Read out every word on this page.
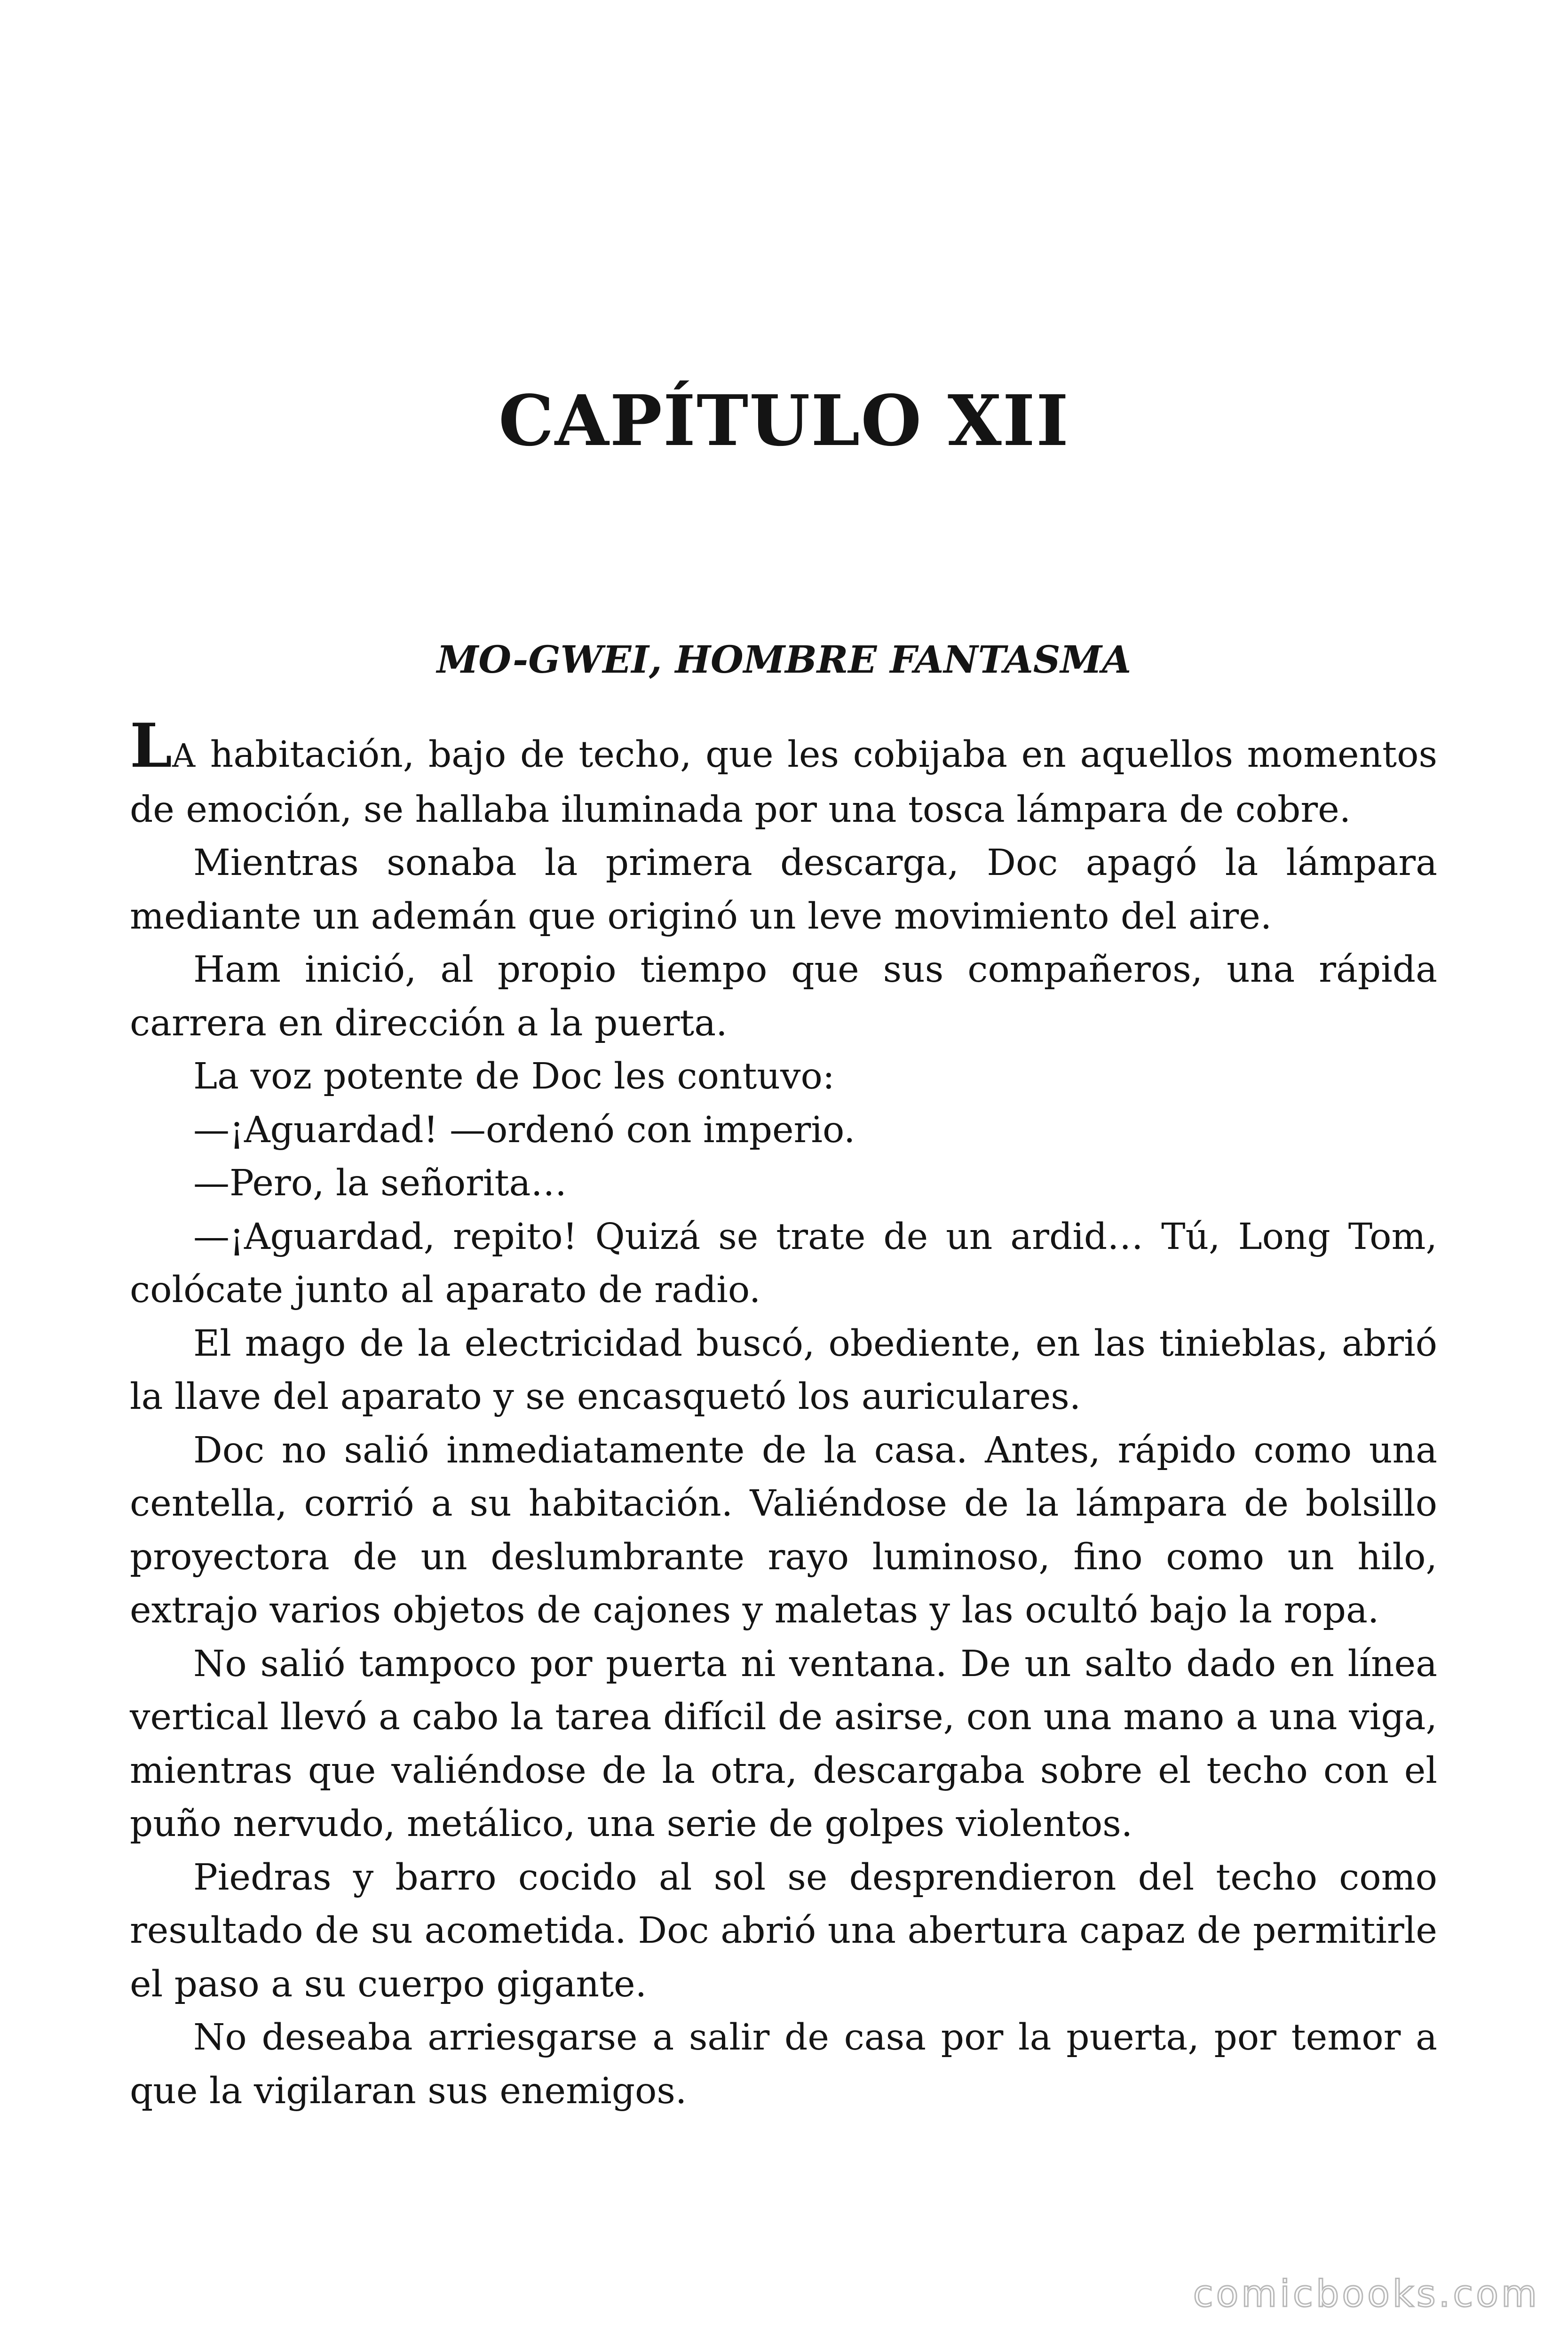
CAPÍTULO XII
MO-GWEI, HOMBRE FANTASMA

LA habitación, bajo de techo, que les cobijaba en aquellos momentos de emoción, se hallaba iluminada por una tosca lámpara de cobre.

Mientras sonaba la primera descarga, Doc apagó la lámpara mediante un ademán que originó un leve movimiento del aire.

Ham inició, al propio tiempo que sus compañeros, una rápida carrera en dirección a la puerta.

La voz potente de Doc les contuvo:

—¡Aguardad! —ordenó con imperio.

—Pero, la señorita…

—¡Aguardad, repito! Quizá se trate de un ardid… Tú, Long Tom, colócate junto al aparato de radio.

El mago de la electricidad buscó, obediente, en las tinieblas, abrió la llave del aparato y se encasquetó los auriculares.

Doc no salió inmediatamente de la casa. Antes, rápido como una centella, corrió a su habitación. Valiéndose de la lámpara de bolsillo proyectora de un deslumbrante rayo luminoso, fino como un hilo, extrajo varios objetos de cajones y maletas y las ocultó bajo la ropa.

No salió tampoco por puerta ni ventana. De un salto dado en línea vertical llevó a cabo la tarea difícil de asirse, con una mano a una viga, mientras que valiéndose de la otra, descargaba sobre el techo con el puño nervudo, metálico, una serie de golpes violentos.

Piedras y barro cocido al sol se desprendieron del techo como resultado de su acometida. Doc abrió una abertura capaz de permitirle el paso a su cuerpo gigante.

No deseaba arriesgarse a salir de casa por la puerta, por temor a que la vigilaran sus enemigos.

comicbooks.com
